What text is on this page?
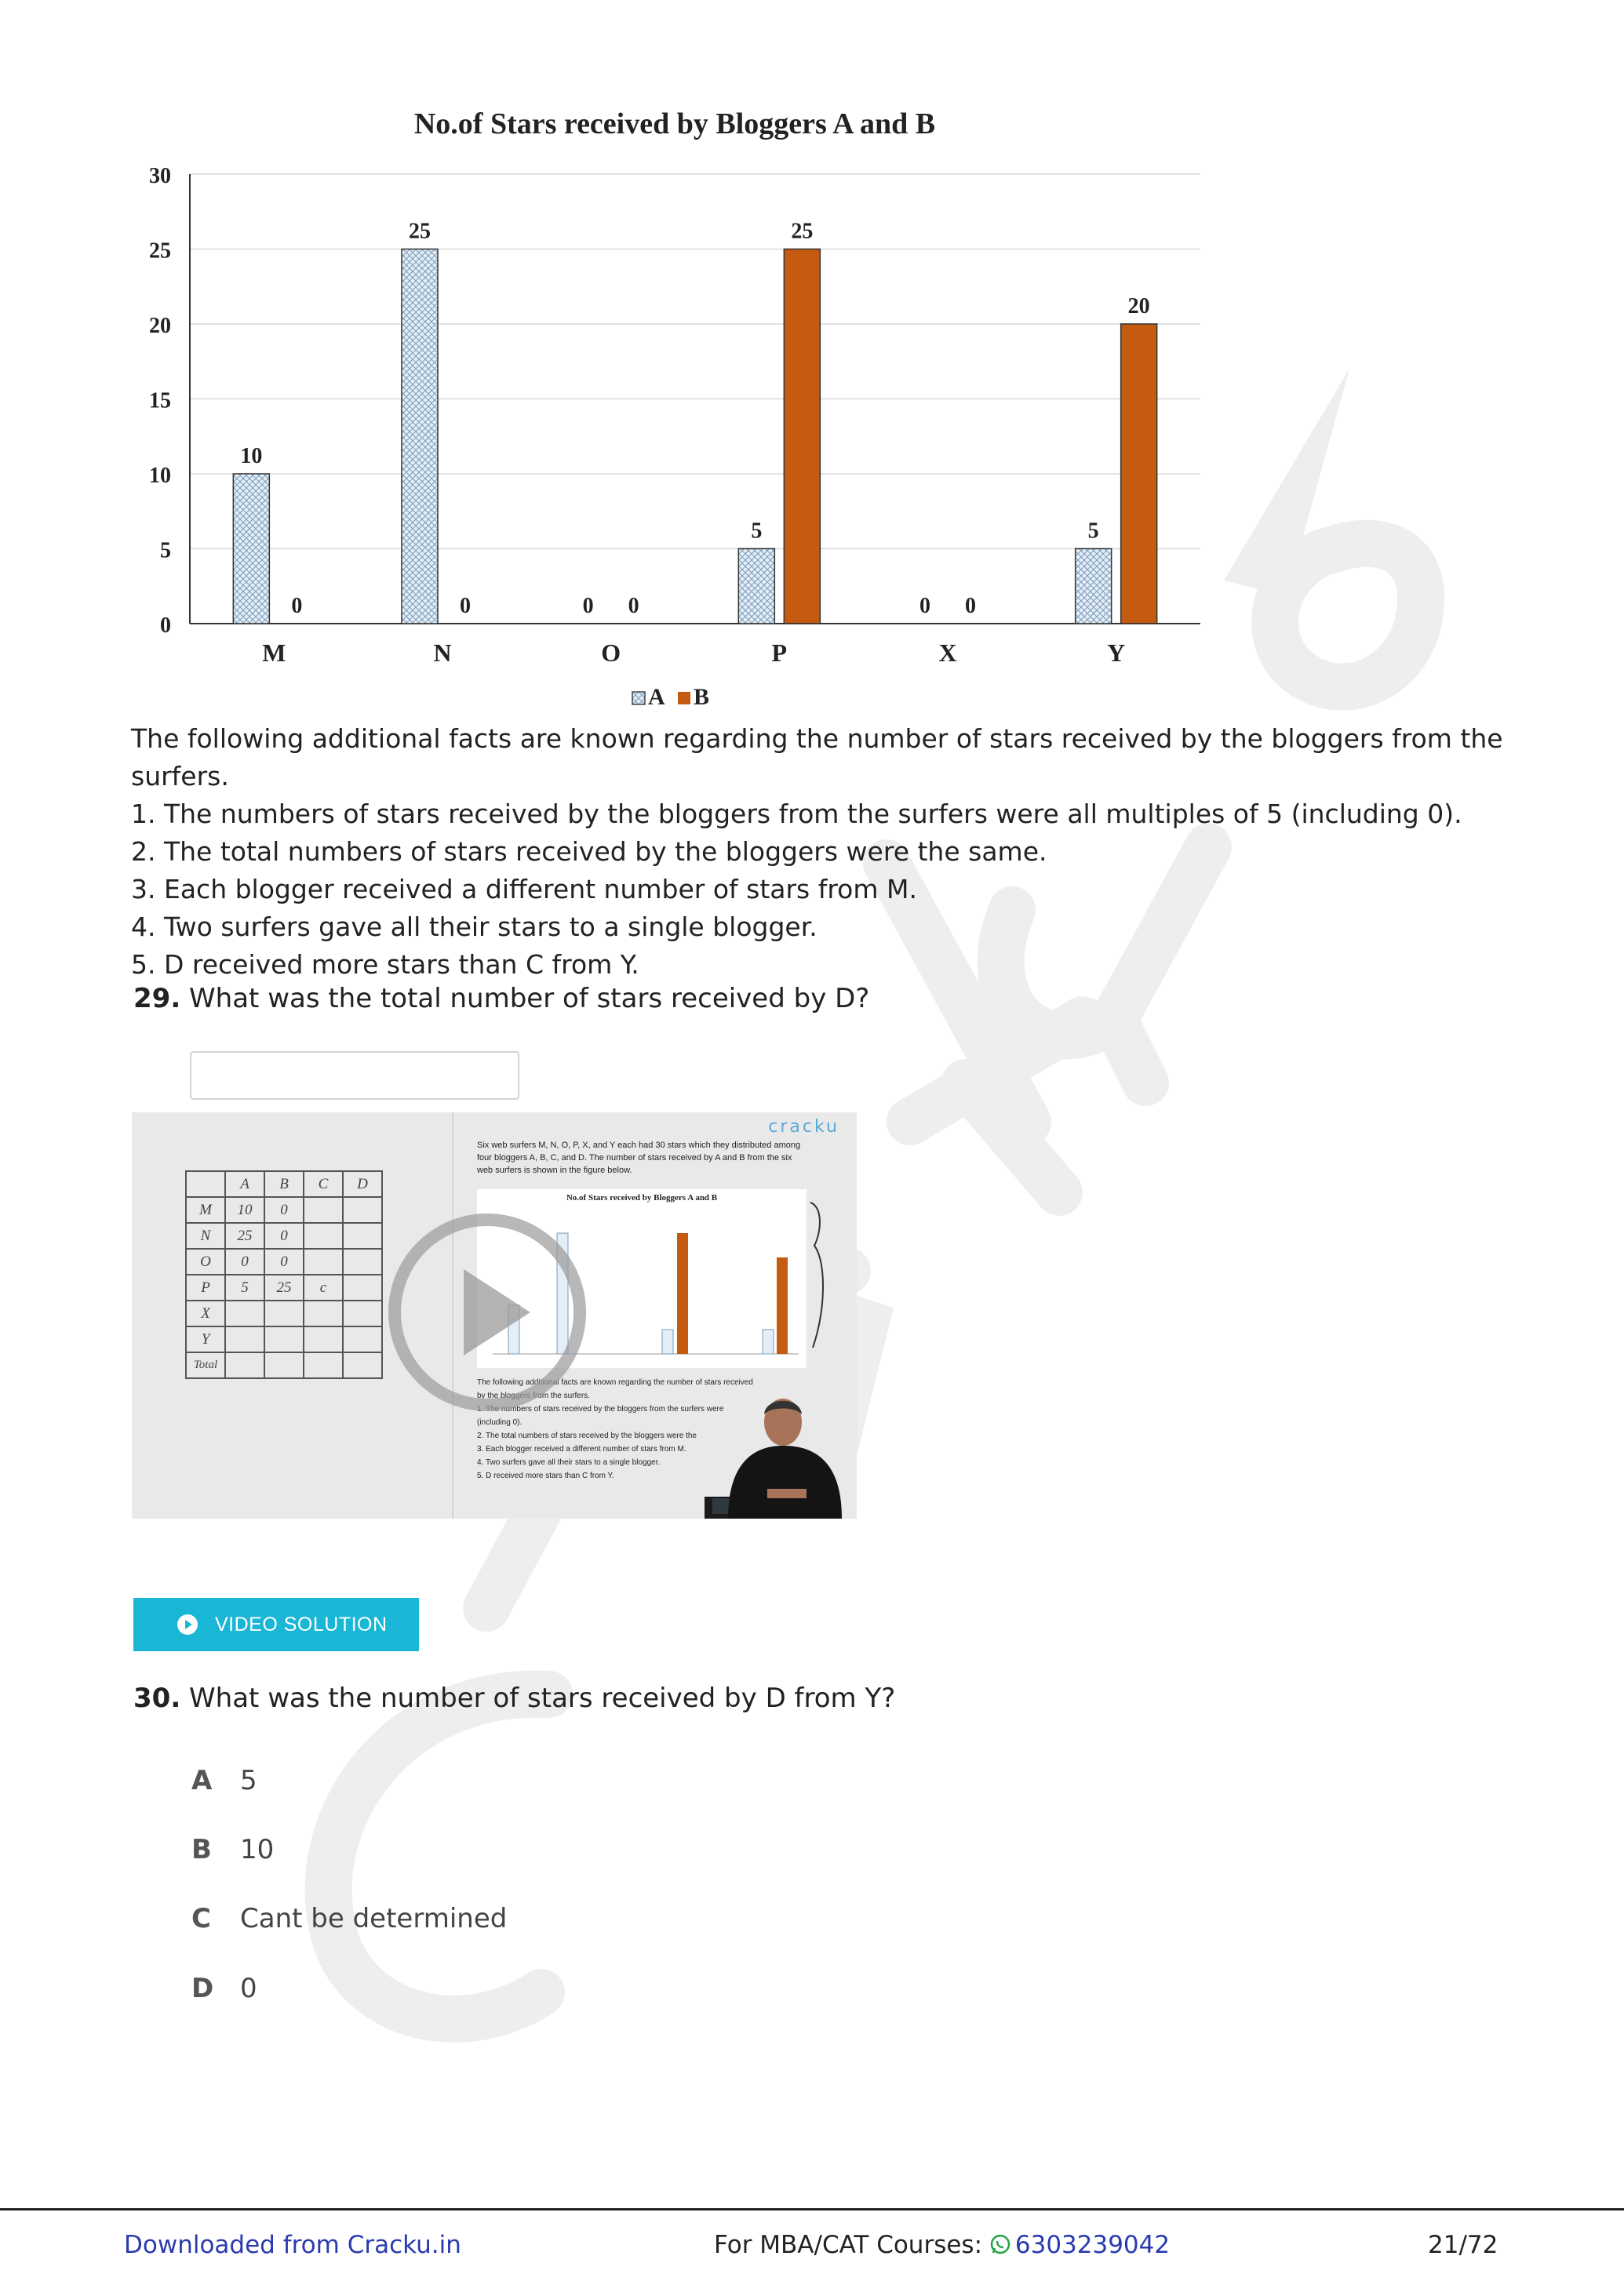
No.of Stars received by Bloggers A and B
0
5
10
15
20
25
30
M
10
0
N
25
0
O
0 0
P
5
25
X
0 0
Y
5
20
A B

The following additional facts are known regarding the number of stars received by the bloggers from the surfers.

1. The numbers of stars received by the bloggers from the surfers were all multiples of 5 (including 0).

2. The total numbers of stars received by the bloggers were the same.

3. Each blogger received a different number of stars from M.

4. Two surfers gave all their stars to a single blogger.

5. D received more stars than C from Y.

29. What was the total number of stars received by D?
	A	B	C	D
M	10	0		
N	25	0		
O	0	0		
P	5	25	c	
X				
Y				
Total				
cracku
Six web surfers M, N, O, P, X, and Y each had 30 stars which they distributed among four bloggers A, B, C, and D. The number of stars received by A and B from the six web surfers is shown in the figure below.
No.of Stars received by Bloggers A and B
The following additional facts are known regarding the number of stars received
by the bloggers from the surfers.
1. The numbers of stars received by the bloggers from the surfers were
(including 0).
2. The total numbers of stars received by the bloggers were the
3. Each blogger received a different number of stars from M.
4. Two surfers gave all their stars to a single blogger.
5. D received more stars than C from Y.
VIDEO SOLUTION
30. What was the number of stars received by D from Y?
A 5
B 10
C Cant be determined
D 0
Downloaded from Cracku.in	For MBA/CAT Courses: 6303239042	21/72
